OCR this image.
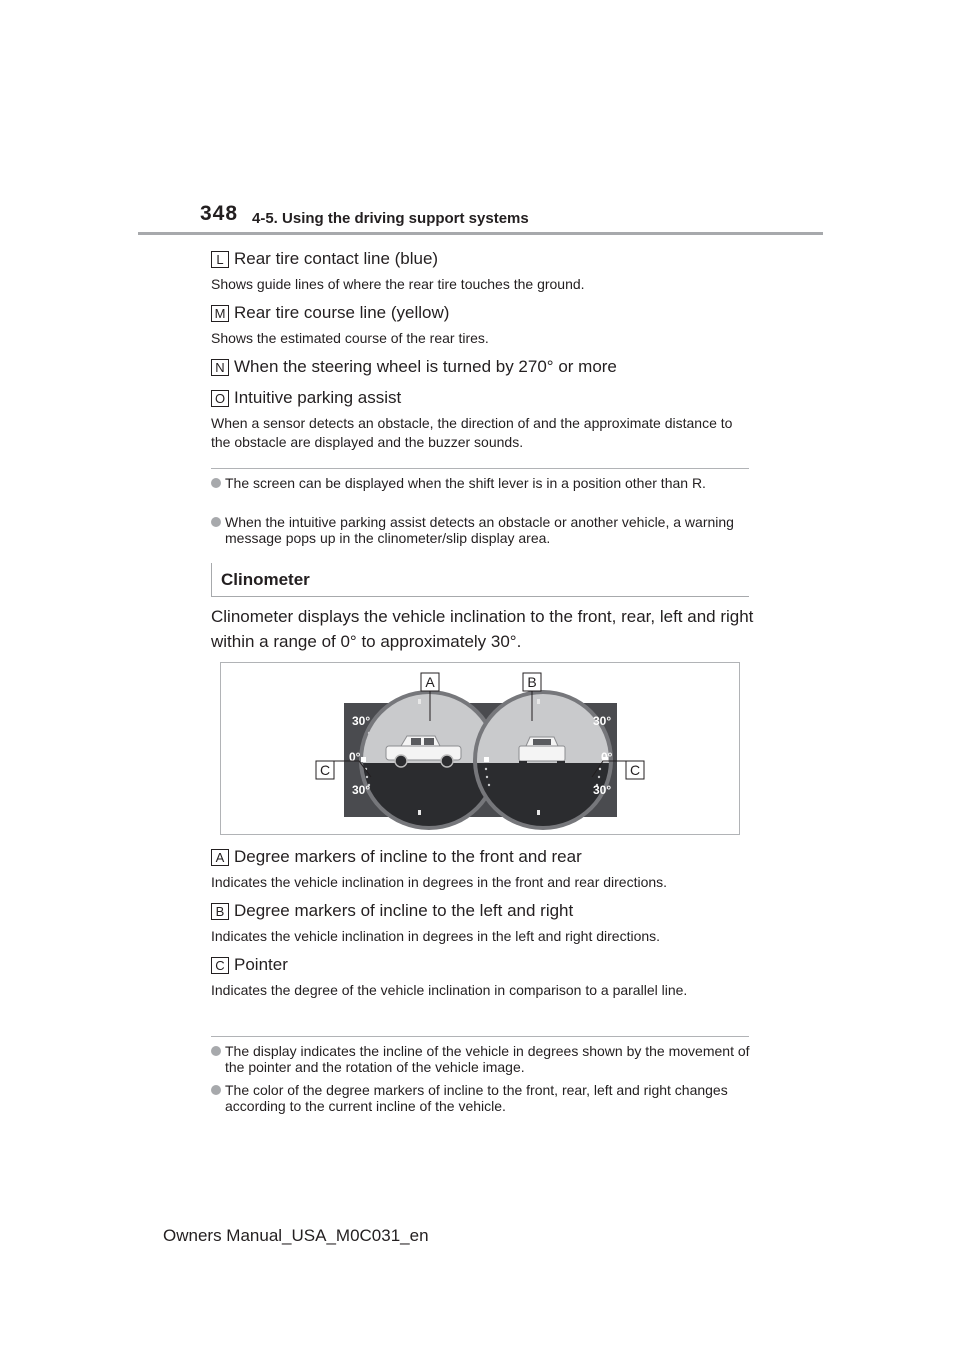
348 4-5. Using the driving support systems
L Rear tire contact line (blue)
Shows guide lines of where the rear tire touches the ground.
M Rear tire course line (yellow)
Shows the estimated course of the rear tires.
N When the steering wheel is turned by 270° or more
O Intuitive parking assist
When a sensor detects an obstacle, the direction of and the approximate distance to the obstacle are displayed and the buzzer sounds.
The screen can be displayed when the shift lever is in a position other than R.
When the intuitive parking assist detects an obstacle or another vehicle, a warning message pops up in the clinometer/slip display area.
Clinometer
Clinometer displays the vehicle inclination to the front, rear, left and right within a range of 0° to approximately 30°.
30°
0°
30°
30°
0°
30°
A	B
C	C
A Degree markers of incline to the front and rear
Indicates the vehicle inclination in degrees in the front and rear directions.
B Degree markers of incline to the left and right
Indicates the vehicle inclination in degrees in the left and right directions.
C Pointer
Indicates the degree of the vehicle inclination in comparison to a parallel line.
The display indicates the incline of the vehicle in degrees shown by the movement of the pointer and the rotation of the vehicle image.
The color of the degree markers of incline to the front, rear, left and right changes according to the current incline of the vehicle.
Owners Manual_USA_M0C031_en
